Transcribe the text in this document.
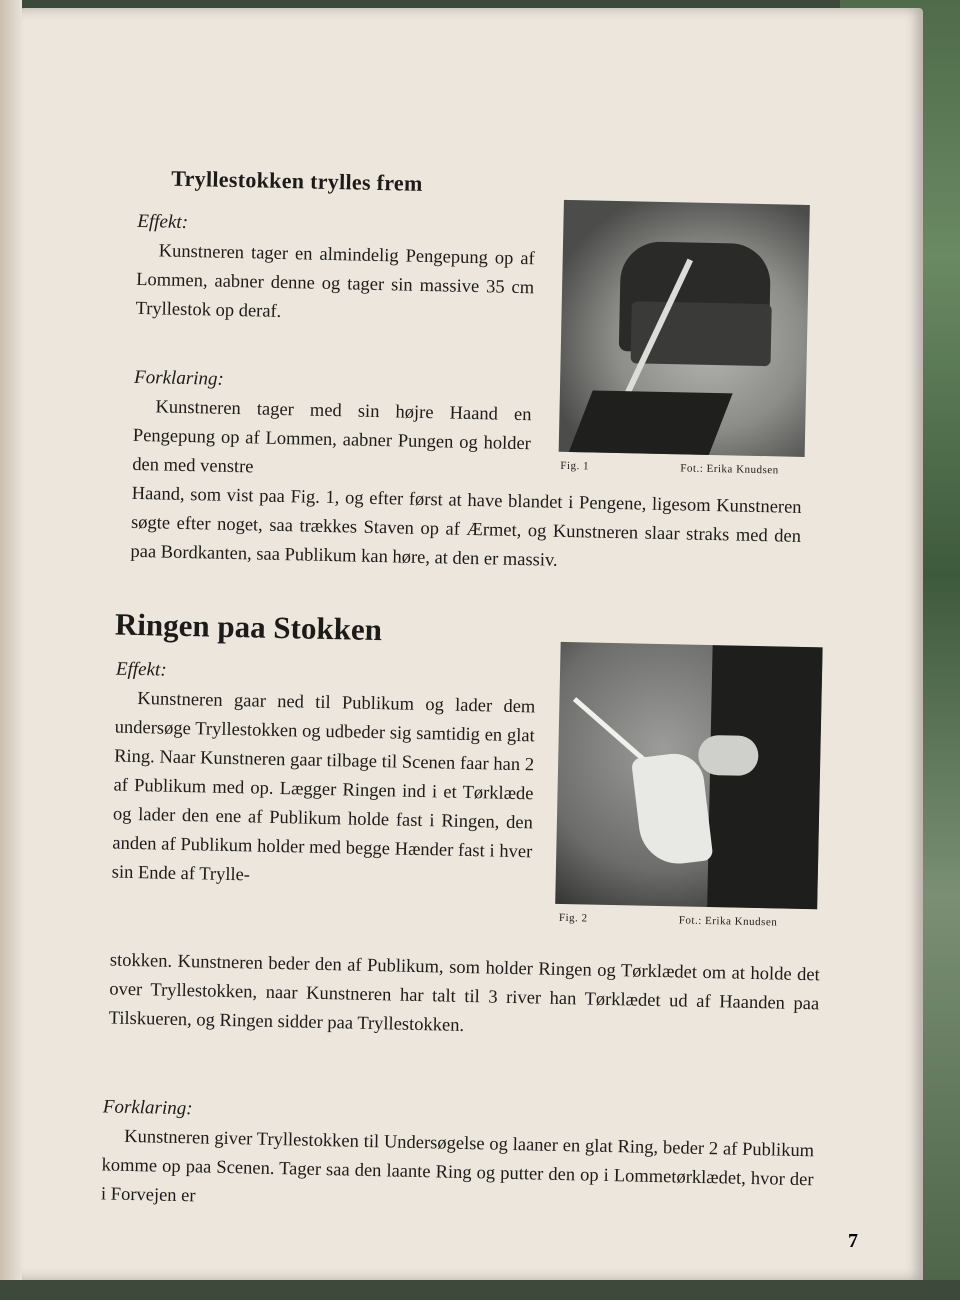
Tryllestokken trylles frem

Effekt:

Kunstneren tager en almindelig Pengepung op af Lommen, aabner denne og tager sin massive 35 cm Tryllestok op deraf.

Forklaring:

Kunstneren tager med sin højre Haand en Pengepung op af Lommen, aabner Pungen og holder den med venstre

Haand, som vist paa Fig. 1, og efter først at have blandet i Pengene, ligesom Kunstneren søgte efter noget, saa trækkes Staven op af Ærmet, og Kunstneren slaar straks med den paa Bordkanten, saa Publikum kan høre, at den er massiv.

Fig. 1	Fot.: Erika Knudsen
Ringen paa Stokken

Effekt:

Kunstneren gaar ned til Publikum og lader dem undersøge Tryllestokken og udbeder sig samtidig en glat Ring. Naar Kunstneren gaar tilbage til Scenen faar han 2 af Publikum med op. Lægger Ringen ind i et Tørklæde og lader den ene af Publikum holde fast i Ringen, den anden af Publikum holder med begge Hænder fast i hver sin Ende af Trylle-

stokken. Kunstneren beder den af Publikum, som holder Ringen og Tørklædet om at holde det over Tryllestokken, naar Kunstneren har talt til 3 river han Tørklædet ud af Haanden paa Tilskueren, og Ringen sidder paa Tryllestokken.

Fig. 2	Fot.: Erika Knudsen

Forklaring:

Kunstneren giver Tryllestokken til Undersøgelse og laaner en glat Ring, beder 2 af Publikum komme op paa Scenen. Tager saa den laante Ring og putter den op i Lommetørklædet, hvor der i Forvejen er

7
